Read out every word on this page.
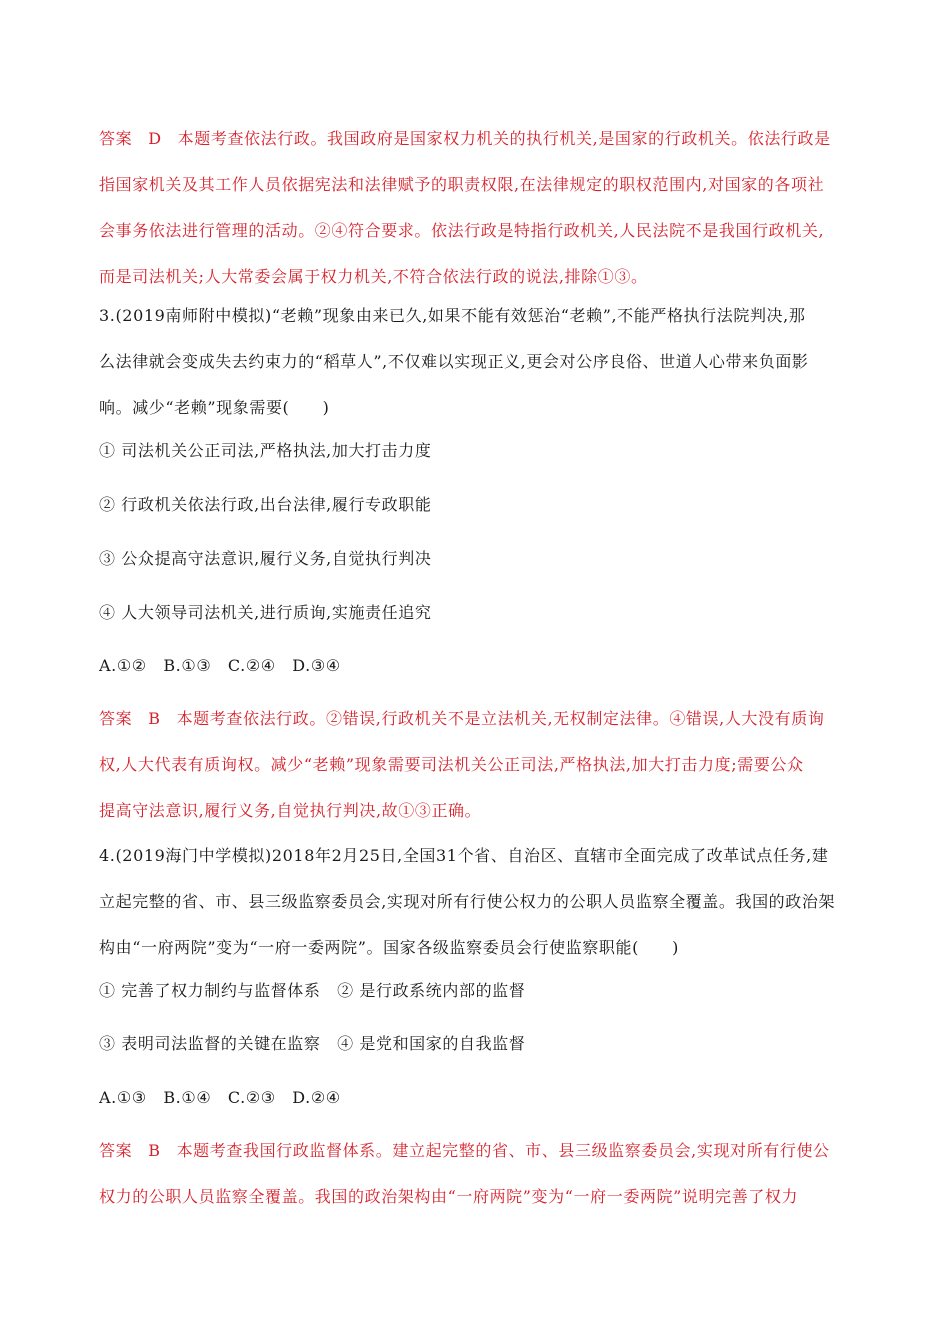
答案 D 本题考查依法行政。我国政府是国家权力机关的执行机关,是国家的行政机关。依法行政是
指国家机关及其工作人员依据宪法和法律赋予的职责权限,在法律规定的职权范围内,对国家的各项社
会事务依法进行管理的活动。②④符合要求。依法行政是特指行政机关,人民法院不是我国行政机关,
而是司法机关;人大常委会属于权力机关,不符合依法行政的说法,排除①③。
3.(2019南师附中模拟)“老赖”现象由来已久,如果不能有效惩治“老赖”,不能严格执行法院判决,那
么法律就会变成失去约束力的“稻草人”,不仅难以实现正义,更会对公序良俗、世道人心带来负面影
响。减少“老赖”现象需要(　　)
① 司法机关公正司法,严格执法,加大打击力度
② 行政机关依法行政,出台法律,履行专政职能
③ 公众提高守法意识,履行义务,自觉执行判决
④ 人大领导司法机关,进行质询,实施责任追究
A.①②　B.①③　C.②④　D.③④
答案 B 本题考查依法行政。②错误,行政机关不是立法机关,无权制定法律。④错误,人大没有质询
权,人大代表有质询权。减少“老赖”现象需要司法机关公正司法,严格执法,加大打击力度;需要公众
提高守法意识,履行义务,自觉执行判决,故①③正确。
4.(2019海门中学模拟)2018年2月25日,全国31个省、自治区、直辖市全面完成了改革试点任务,建
立起完整的省、市、县三级监察委员会,实现对所有行使公权力的公职人员监察全覆盖。我国的政治架
构由“一府两院”变为“一府一委两院”。国家各级监察委员会行使监察职能(　　)
① 完善了权力制约与监督体系　② 是行政系统内部的监督
③ 表明司法监督的关键在监察　④ 是党和国家的自我监督
A.①③　B.①④　C.②③　D.②④
答案 B 本题考查我国行政监督体系。建立起完整的省、市、县三级监察委员会,实现对所有行使公
权力的公职人员监察全覆盖。我国的政治架构由“一府两院”变为“一府一委两院”说明完善了权力
